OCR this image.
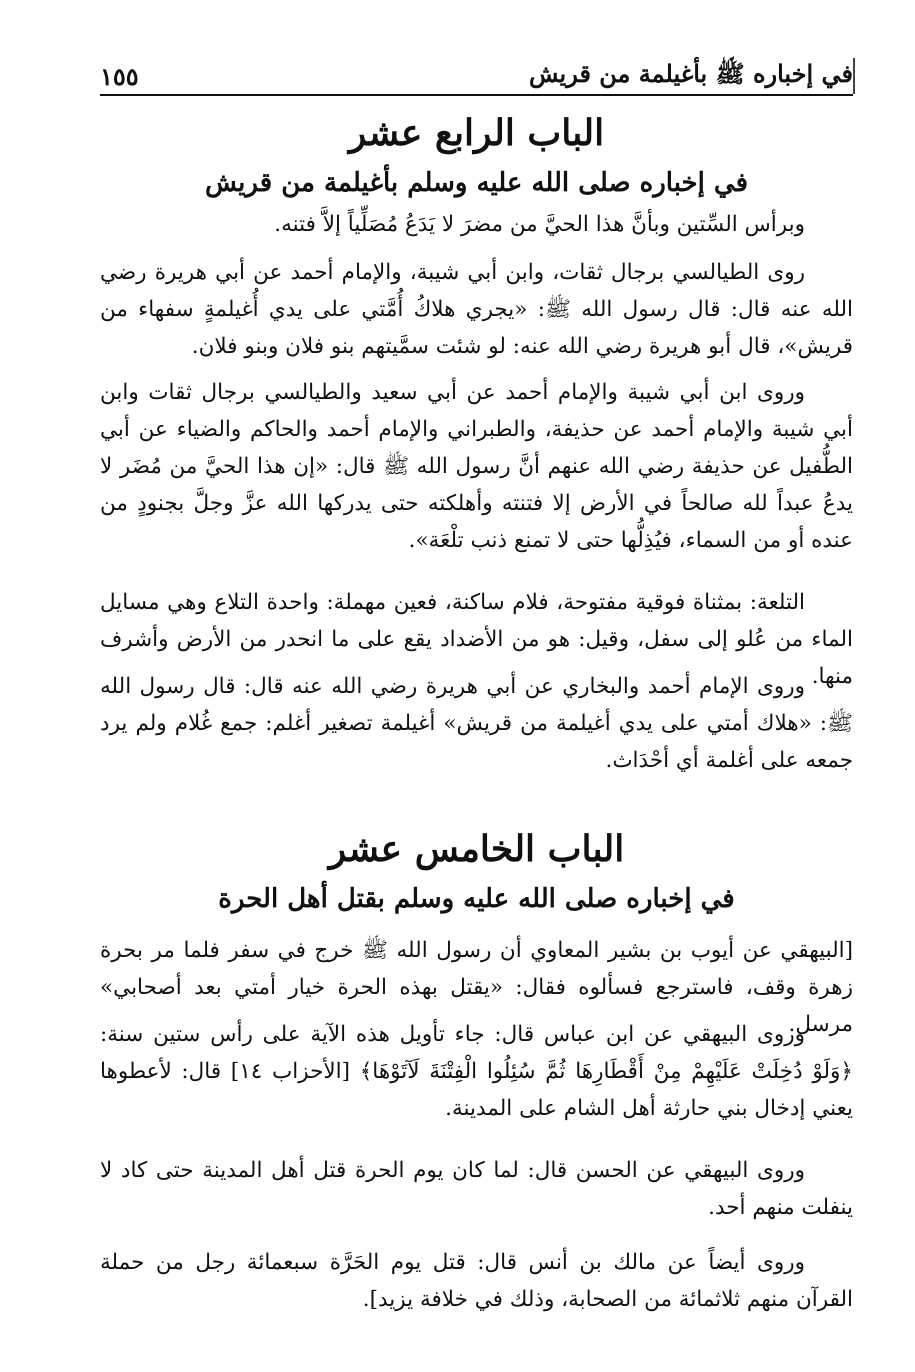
في إخباره ﷺ بأغيلمة من قريش
١٥٥
الباب الرابع عشر
في إخباره صلى الله عليه وسلم بأغيلمة من قريش

وبرأس السِّتين وبأنَّ هذا الحيَّ من مضرَ لا يَدَعُ مُصَلِّياً إلاَّ فتنه.

روى الطيالسي برجال ثقات، وابن أبي شيبة، والإمام أحمد عن أبي هريرة رضي الله عنه قال: قال رسول الله ﷺ: «يجري هلاكُ أُمَّتي على يدي أُغيلمةٍ سفهاء من قريش»، قال أبو هريرة رضي الله عنه: لو شئت سمَّيتهم بنو فلان وبنو فلان.

وروى ابن أبي شيبة والإمام أحمد عن أبي سعيد والطيالسي برجال ثقات وابن أبي شيبة والإمام أحمد عن حذيفة، والطبراني والإمام أحمد والحاكم والضياء عن أبي الطُّفيل عن حذيفة رضي الله عنهم أنَّ رسول الله ﷺ قال: «إن هذا الحيَّ من مُضَر لا يدعُ عبداً لله صالحاً في الأرض إلا فتنته وأهلكته حتى يدركها الله عزَّ وجلَّ بجنودٍ من عنده أو من السماء، فيُذِلُّها حتى لا تمنع ذنب تلْعَة».

التلعة: بمثناة فوقية مفتوحة، فلام ساكنة، فعين مهملة: واحدة التلاع وهي مسايل الماء من عُلو إلى سفل، وقيل: هو من الأضداد يقع على ما انحدر من الأرض وأشرف منها.

وروى الإمام أحمد والبخاري عن أبي هريرة رضي الله عنه قال: قال رسول الله ﷺ: «هلاك أمتي على يدي أغيلمة من قريش» أغيلمة تصغير أغلم: جمع غُلام ولم يرد جمعه على أغلمة أي أحْدَاث.

الباب الخامس عشر
في إخباره صلى الله عليه وسلم بقتل أهل الحرة

[البيهقي عن أيوب بن بشير المعاوي أن رسول الله ﷺ خرج في سفر فلما مر بحرة زهرة وقف، فاسترجع فسألوه فقال: «يقتل بهذه الحرة خيار أمتي بعد أصحابي» مرسل.

وروى البيهقي عن ابن عباس قال: جاء تأويل هذه الآية على رأس ستين سنة: ﴿وَلَوْ دُخِلَتْ عَلَيْهِمْ مِنْ أَقْطَارِهَا ثُمَّ سُئِلُوا الْفِتْنَةَ لَآتَوْهَا﴾ [الأحزاب ١٤] قال: لأعطوها يعني إدخال بني حارثة أهل الشام على المدينة.

وروى البيهقي عن الحسن قال: لما كان يوم الحرة قتل أهل المدينة حتى كاد لا ينفلت منهم أحد.

وروى أيضاً عن مالك بن أنس قال: قتل يوم الحَرَّة سبعمائة رجل من حملة القرآن منهم ثلاثمائة من الصحابة، وذلك في خلافة يزيد].
